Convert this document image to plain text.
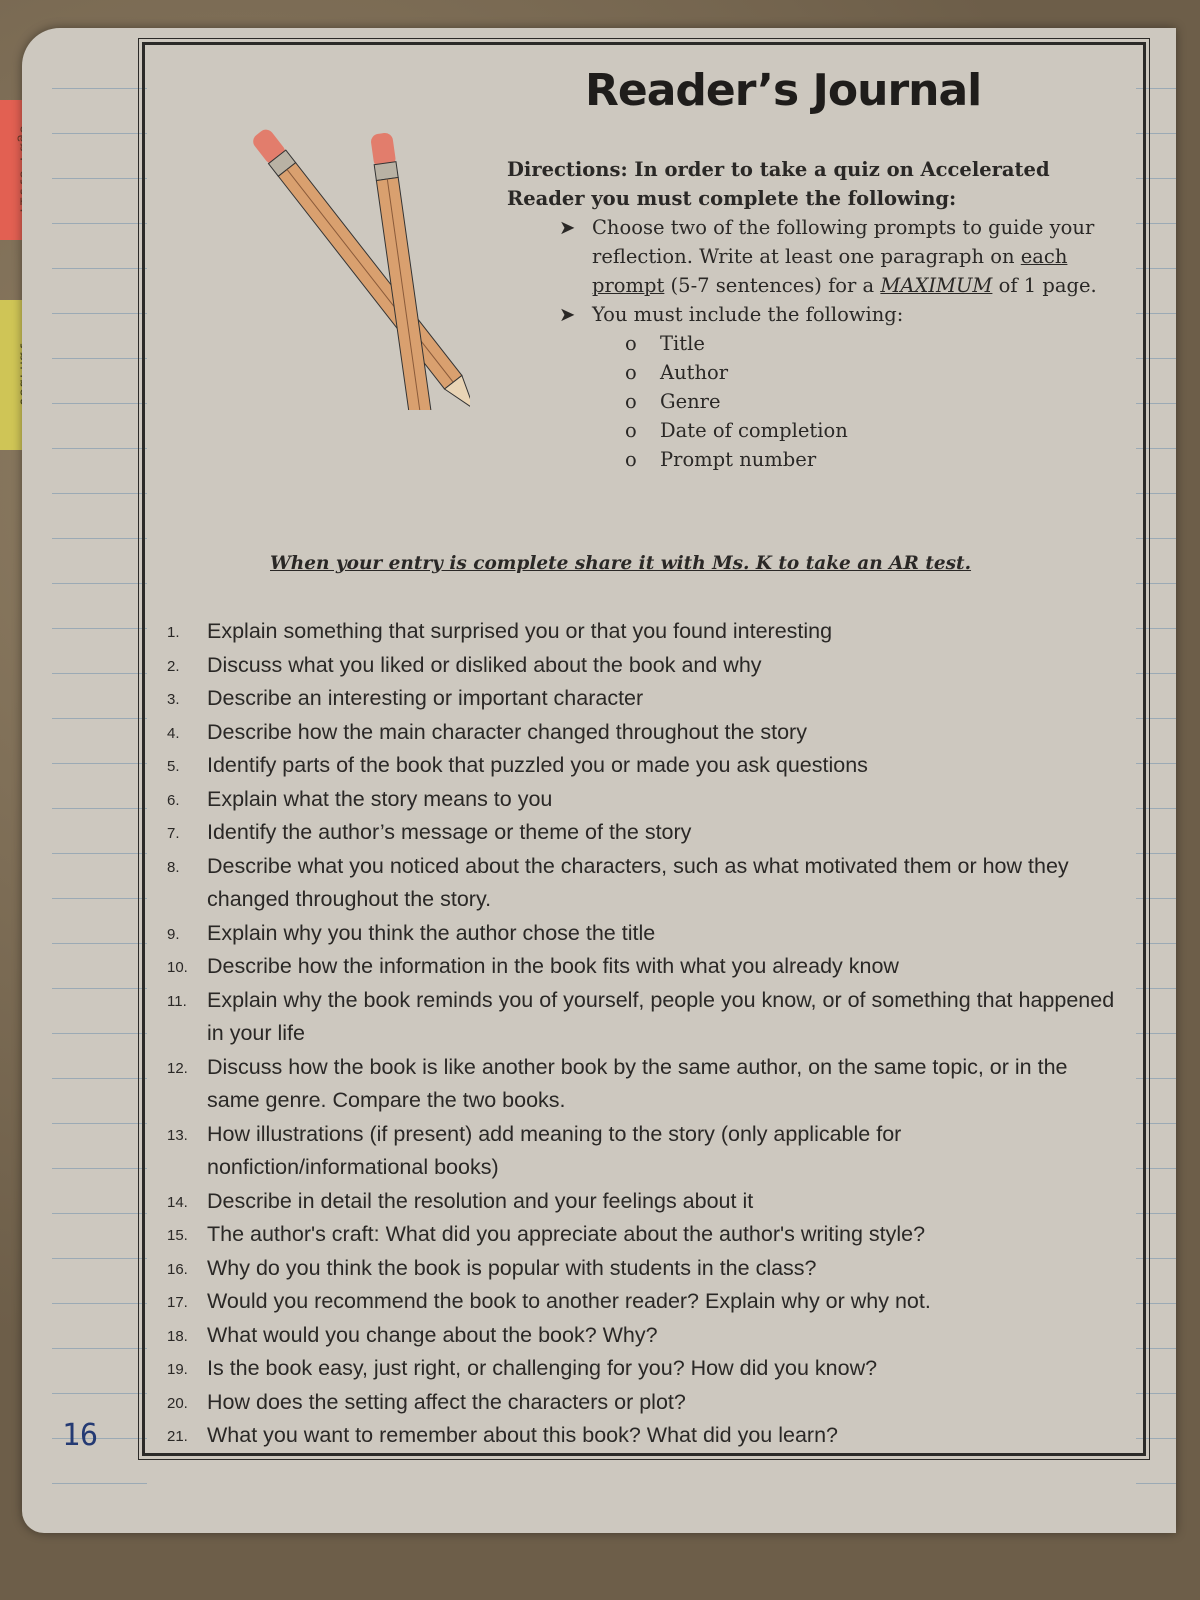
16
Reader’s Journal
Directions: In order to take a quiz on Accelerated
Reader you must complete the following:
➤ Choose two of the following prompts to guide your reflection. Write at least one paragraph on each prompt (5-7 sentences) for a MAXIMUM of 1 page.
➤ You must include the following:
o Title
o Author
o Genre
o Date of completion
o Prompt number
When your entry is complete share it with Ms. K to take an AR test.
1. Explain something that surprised you or that you found interesting
2. Discuss what you liked or disliked about the book and why
3. Describe an interesting or important character
4. Describe how the main character changed throughout the story
5. Identify parts of the book that puzzled you or made you ask questions
6. Explain what the story means to you
7. Identify the author’s message or theme of the story
8. Describe what you noticed about the characters, such as what motivated them or how they changed throughout the story.
9. Explain why you think the author chose the title
10. Describe how the information in the book fits with what you already know
11. Explain why the book reminds you of yourself, people you know, or of something that happened in your life
12. Discuss how the book is like another book by the same author, on the same topic, or in the same genre. Compare the two books.
13. How illustrations (if present) add meaning to the story (only applicable for nonfiction/informational books)
14. Describe in detail the resolution and your feelings about it
15. The author's craft: What did you appreciate about the author's writing style?
16. Why do you think the book is popular with students in the class?
17. Would you recommend the book to another reader? Explain why or why not.
18. What would you change about the book? Why?
19. Is the book easy, just right, or challenging for you? How did you know?
20. How does the setting affect the characters or plot?
21. What you want to remember about this book? What did you learn?
